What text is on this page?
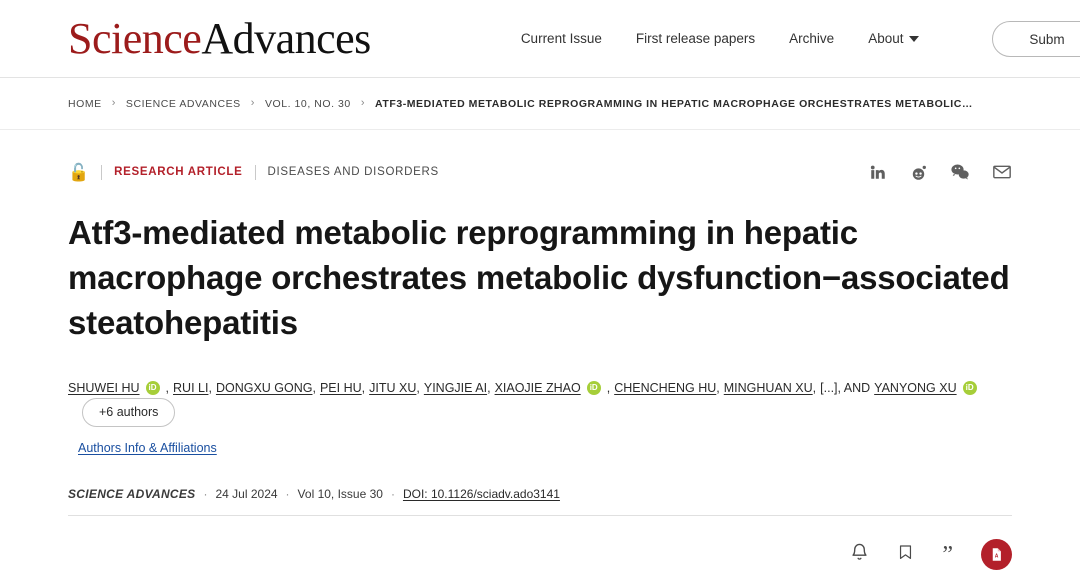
ScienceAdvances	Current Issue	First release papers	Archive	About	Subm
HOME › SCIENCE ADVANCES › VOL. 10, NO. 30 › ATF3-MEDIATED METABOLIC REPROGRAMMING IN HEPATIC MACROPHAGE ORCHESTRATES METABOLIC…
🔓 RESEARCH ARTICLE DISEASES AND DISORDERS
Atf3-mediated metabolic reprogramming in hepatic macrophage orchestrates metabolic dysfunction−associated steatohepatitis
SHUWEI HU	iD , RUI LI , DONGXU GONG , PEI HU , JITU XU , YINGJIE AI , XIAOJIE ZHAO	iD , CHENCHENG HU , MINGHUAN XU , [...], AND YANYONG XU	iD
+6 authors
Authors Info & Affiliations
SCIENCE ADVANCES · 24 Jul 2024 · Vol 10, Issue 30 · DOI: 10.1126/sciadv.ado3141
”	A
